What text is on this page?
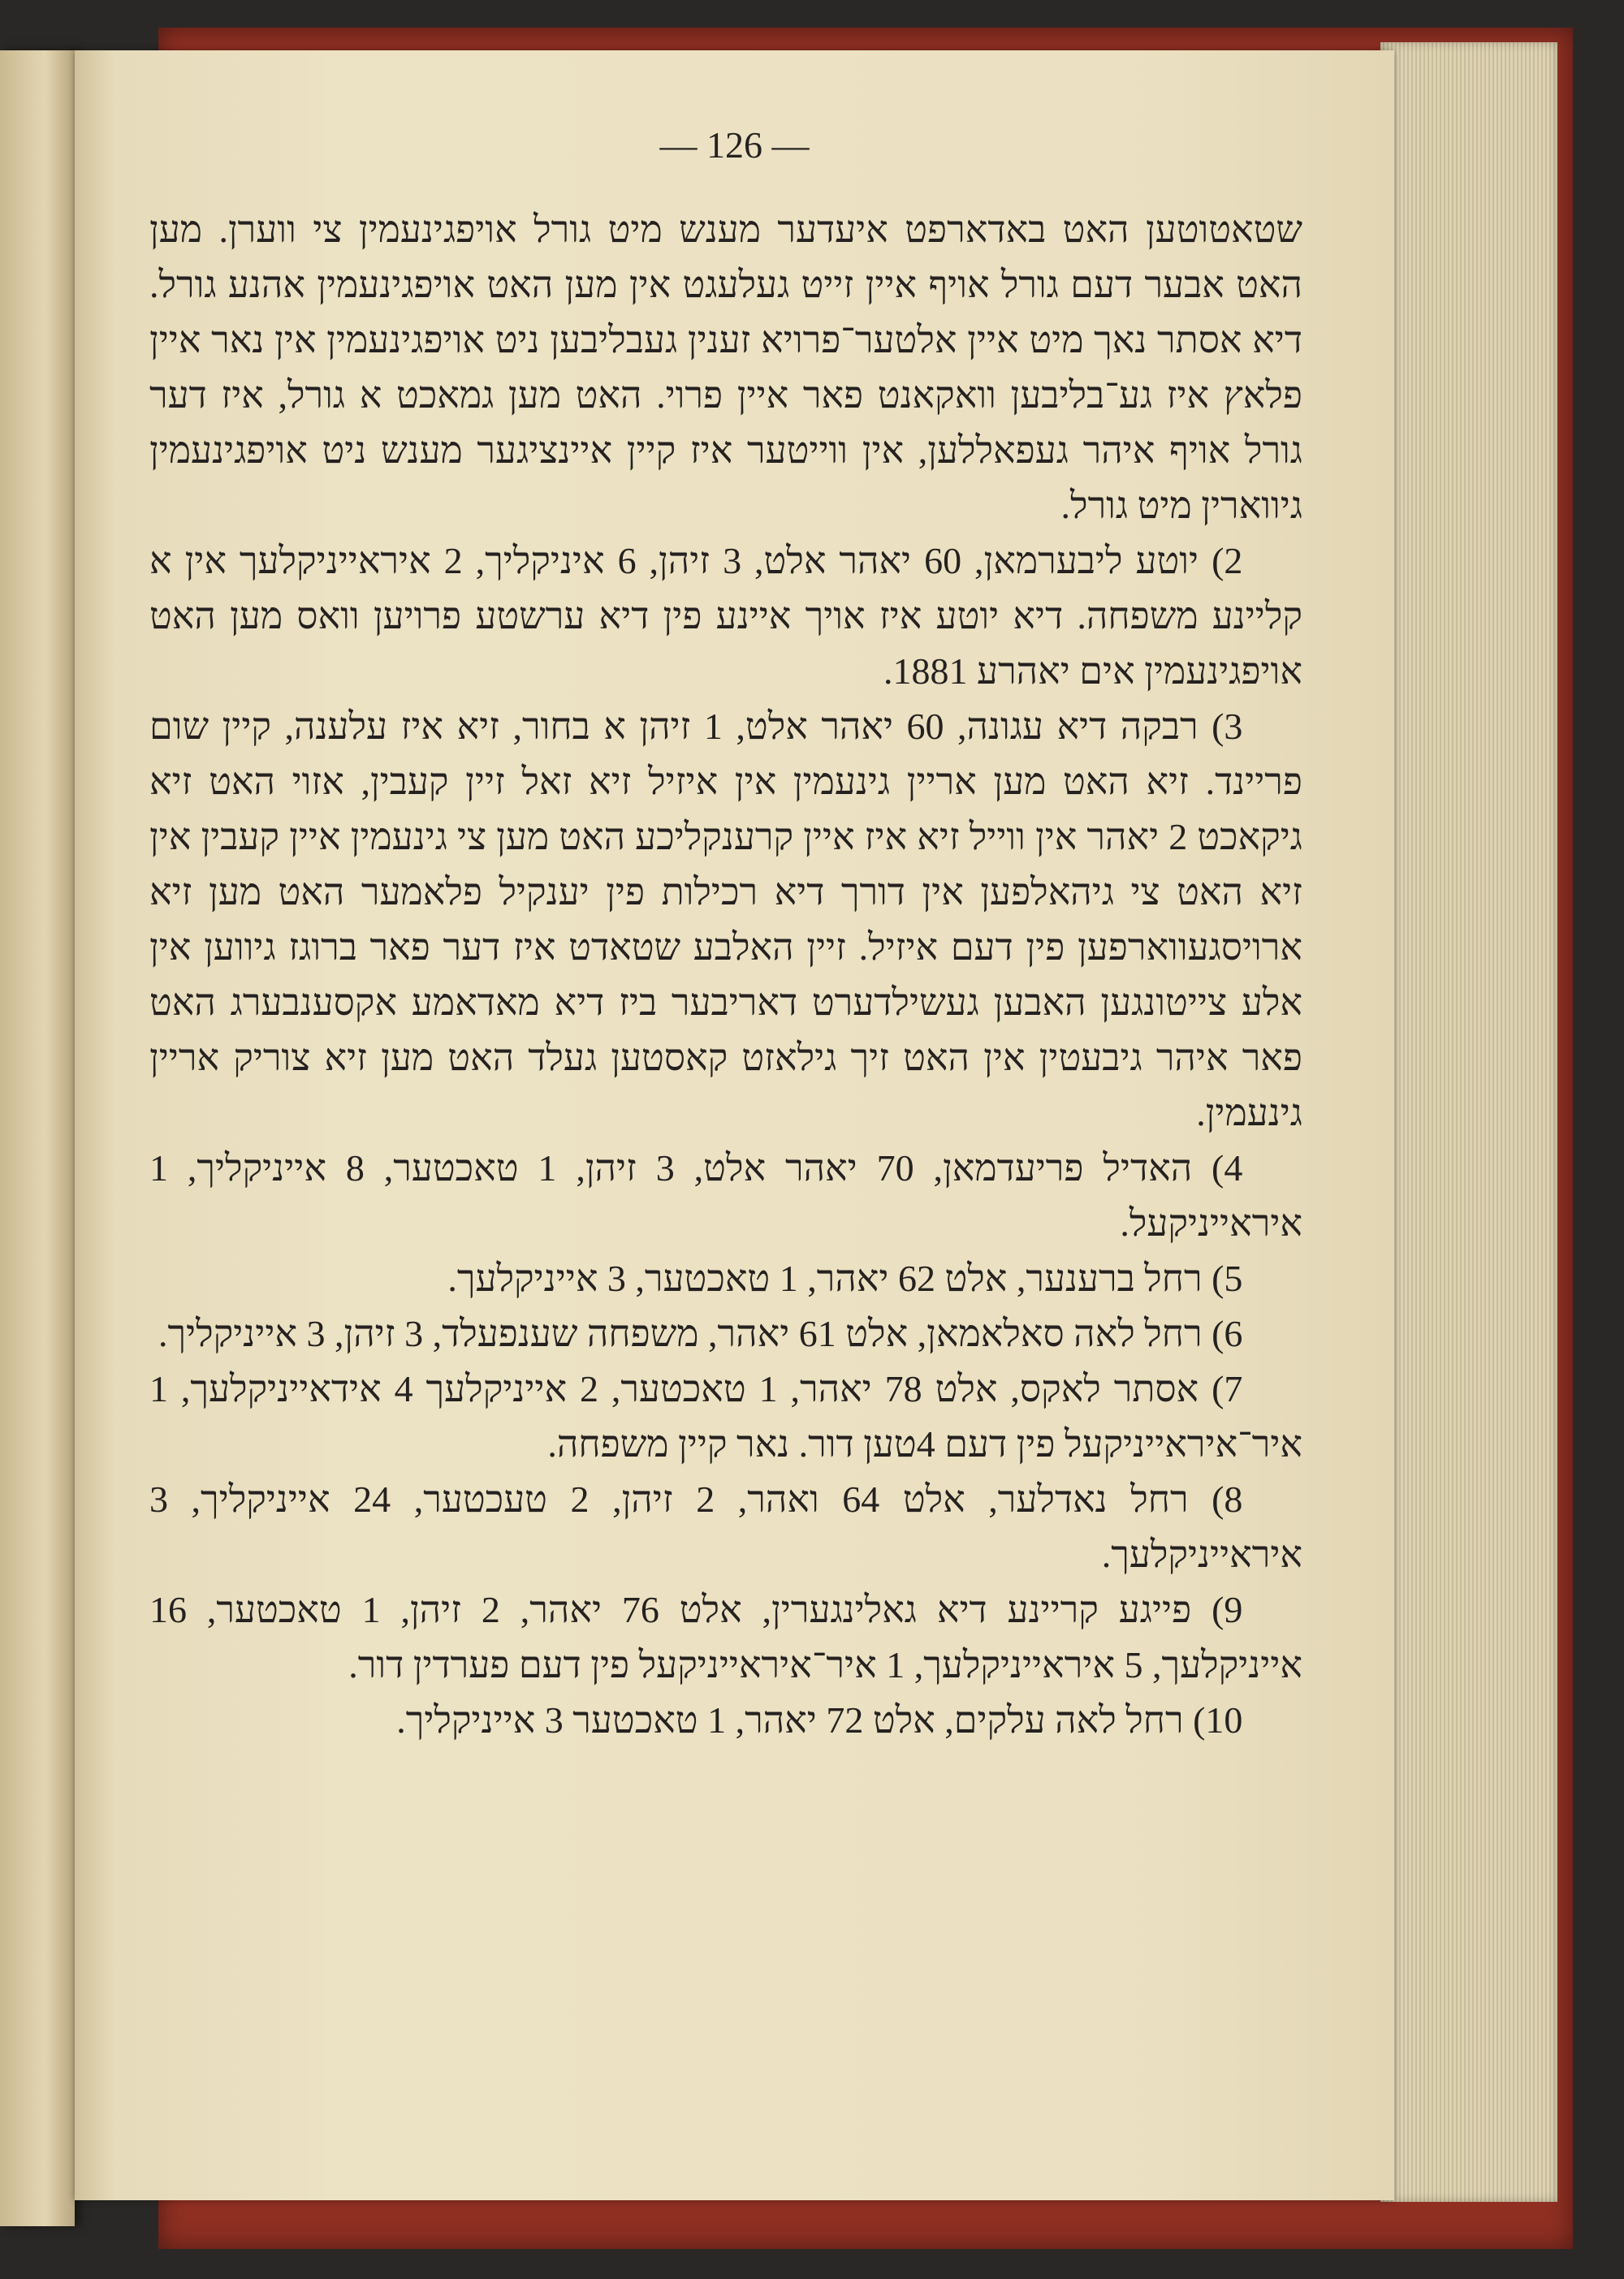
— 126 —

שטאטוטען האט באדארפט איעדער מענש מיט גורל אויפגינעמין צי ווערן. מען האט אבער דעם גורל אויף איין זייט געלעגט אין מען האט אויפגינעמין אהנע גורל. דיא אסתר נאך מיט איין אלטער־פרויא זענין געבליבען ניט אויפגינעמין אין נאר איין פלאץ איז גע־בליבען וואקאנט פאר איין פרוי. האט מען גמאכט א גורל, איז דער גורל אויף איהר געפאללען, אין ווייטער איז קיין איינציגער מענש ניט אויפגינעמין גיווארין מיט גורל.

2) יוטע ליבערמאן, 60 יאהר אלט, 3 זיהן, 6 איניקליך, 2 איראייניקלעך אין א קליינע משפחה. דיא יוטע איז אויך איינע פין דיא ערשטע פרויען וואס מען האט אויפגינעמין אים יאהרע 1881.

3) רבקה דיא עגונה, 60 יאהר אלט, 1 זיהן א בחור, זיא איז עלענה, קיין שום פריינד. זיא האט מען אריין גינעמין אין איזיל זיא זאל זיין קעבין, אזוי האט זיא גיקאכט 2 יאהר אין ווייל זיא איז איין קרענקליכע האט מען צי גינעמין איין קעבין אין זיא האט צי גיהאלפען אין דורך דיא רכילות פין יענקיל פלאמער האט מען זיא ארויסגעווארפען פין דעם איזיל. זיין האלבע שטאדט איז דער פאר ברוגז גיווען אין אלע צייטונגען האבען געשילדערט דאריבער ביז דיא מאדאמע אקסענבערג האט פאר איהר גיבעטין אין האט זיך גילאזט קאסטען געלד האט מען זיא צוריק אריין גינעמין.

4) האדיל פריעדמאן, 70 יאהר אלט, 3 זיהן, 1 טאכטער, 8 אייניקליך, 1 איראייניקעל.

5) רחל ברענער, אלט 62 יאהר, 1 טאכטער, 3 אייניקלעך.

6) רחל לאה סאלאמאן, אלט 61 יאהר, משפחה שענפעלד, 3 זיהן, 3 אייניקליך.

7) אסתר לאקס, אלט 78 יאהר, 1 טאכטער, 2 אייניקלעך 4 אידאייניקלעך, 1 איר־איראייניקעל פין דעם 4טען דור. נאר קיין משפחה.

8) רחל נאדלער, אלט 64 ואהר, 2 זיהן, 2 טעכטער, 24 אייניקליך, 3 איראייניקלעך.

9) פייגע קריינע דיא גאלינגערין, אלט 76 יאהר, 2 זיהן, 1 טאכטער, 16 אייניקלעך, 5 איראייניקלעך, 1 איר־איראייניקעל פין דעם פערדין דור.

10) רחל לאה עלקים, אלט 72 יאהר, 1 טאכטער 3 אייניקליך.
